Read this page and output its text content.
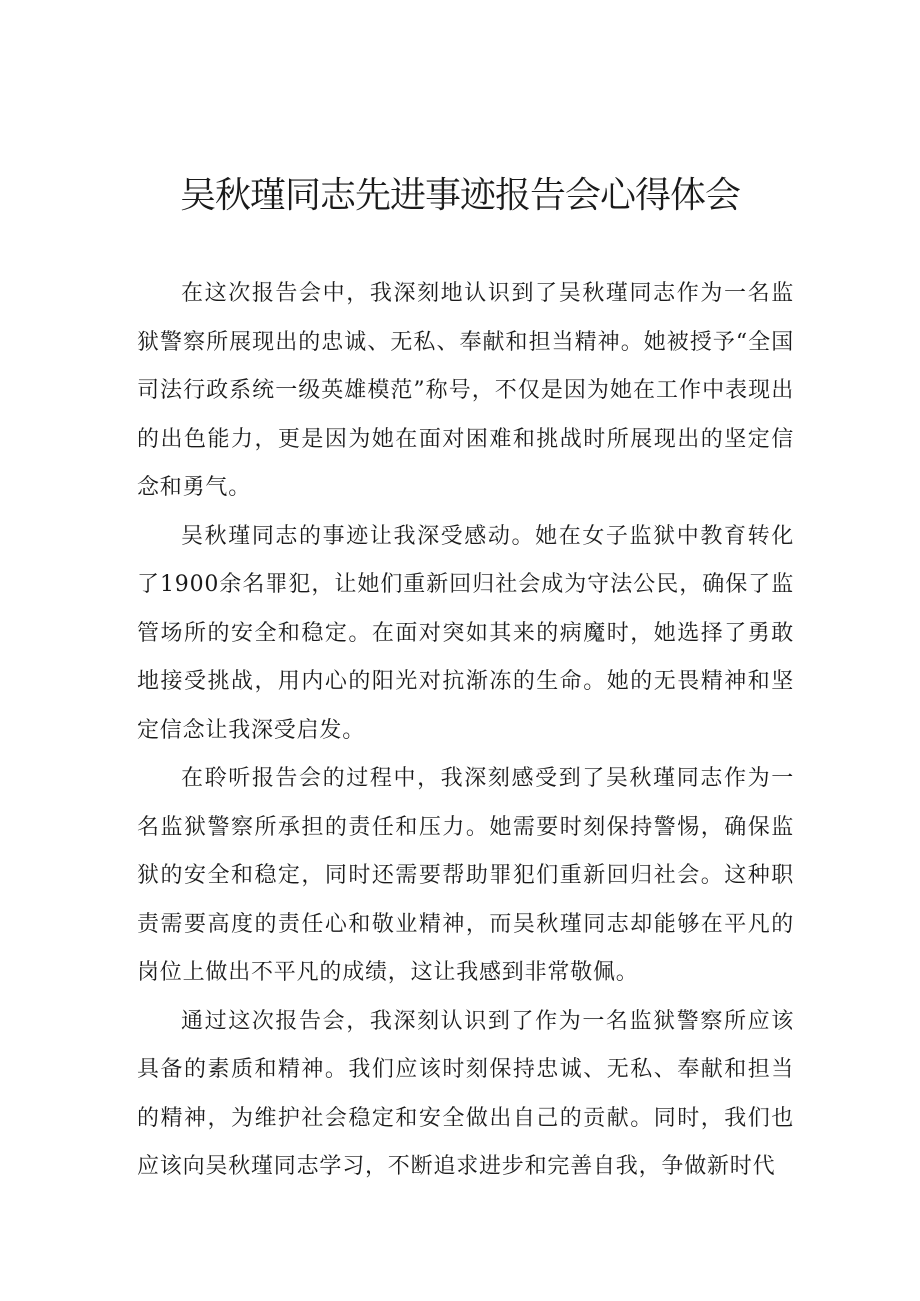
吴秋瑾同志先进事迹报告会心得体会

在这次报告会中，我深刻地认识到了吴秋瑾同志作为一名监狱警察所展现出的忠诚、无私、奉献和担当精神。她被授予“全国司法行政系统一级英雄模范”称号，不仅是因为她在工作中表现出的出色能力，更是因为她在面对困难和挑战时所展现出的坚定信念和勇气。

吴秋瑾同志的事迹让我深受感动。她在女子监狱中教育转化了1900余名罪犯，让她们重新回归社会成为守法公民，确保了监管场所的安全和稳定。在面对突如其来的病魔时，她选择了勇敢地接受挑战，用内心的阳光对抗渐冻的生命。她的无畏精神和坚定信念让我深受启发。

在聆听报告会的过程中，我深刻感受到了吴秋瑾同志作为一名监狱警察所承担的责任和压力。她需要时刻保持警惕，确保监狱的安全和稳定，同时还需要帮助罪犯们重新回归社会。这种职责需要高度的责任心和敬业精神，而吴秋瑾同志却能够在平凡的岗位上做出不平凡的成绩，这让我感到非常敬佩。

通过这次报告会，我深刻认识到了作为一名监狱警察所应该具备的素质和精神。我们应该时刻保持忠诚、无私、奉献和担当的精神，为维护社会稳定和安全做出自己的贡献。同时，我们也应该向吴秋瑾同志学习，不断追求进步和完善自我，争做新时代
